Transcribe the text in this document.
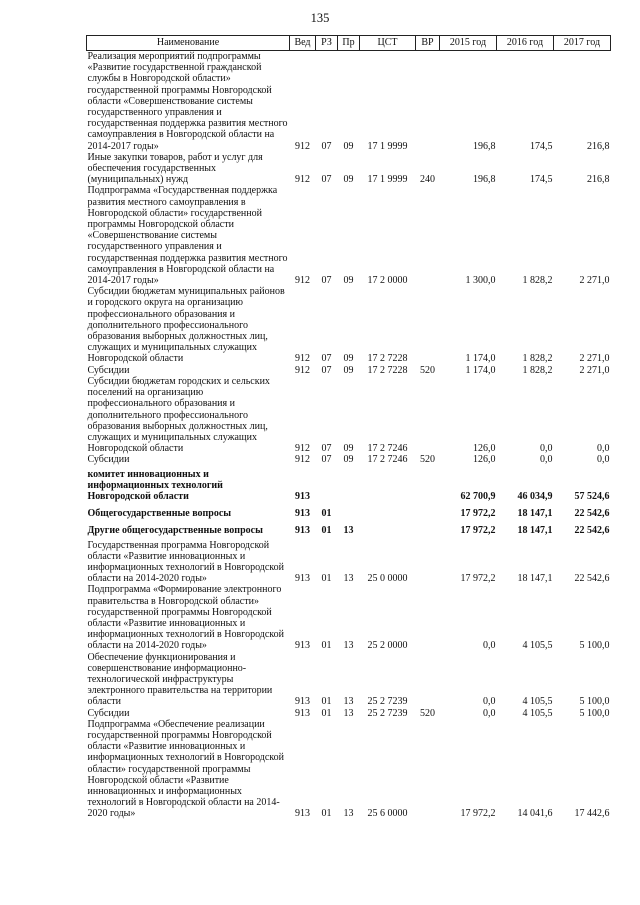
135
Наименование	Вед	РЗ	Пр	ЦСТ	ВР	2015 год	2016 год	2017 год
Реализация мероприятий подпрограммы «Развитие государственной гражданской службы в Новгородской области» государственной программы Новгородской области «Совершенствование системы государственного управления и государственная поддержка развития местного самоуправления в Новгородской области на 2014-2017 годы»	912	07	09	17 1 9999		196,8	174,5	216,8
Иные закупки товаров, работ и услуг для обеспечения государственных (муниципальных) нужд	912	07	09	17 1 9999	240	196,8	174,5	216,8
Подпрограмма «Государственная поддержка развития местного самоуправления в Новгородской области» государственной программы Новгородской области «Совершенствование системы государственного управления и государственная поддержка развития местного самоуправления в Новгородской области на 2014-2017 годы»	912	07	09	17 2 0000		1 300,0	1 828,2	2 271,0
Субсидии бюджетам муниципальных районов и городского округа на организацию профессионального образования и дополнительного профессионального образования выборных должностных лиц, служащих и муниципальных служащих Новгородской области	912	07	09	17 2 7228		1 174,0	1 828,2	2 271,0
Субсидии	912	07	09	17 2 7228	520	1 174,0	1 828,2	2 271,0
Субсидии бюджетам городских и сельских поселений на организацию профессионального образования и дополнительного профессионального образования выборных должностных лиц, служащих и муниципальных служащих Новгородской области	912	07	09	17 2 7246		126,0	0,0	0,0
Субсидии	912	07	09	17 2 7246	520	126,0	0,0	0,0
комитет инновационных и информационных технологий Новгородской области	913					62 700,9	46 034,9	57 524,6
Общегосударственные вопросы	913	01				17 972,2	18 147,1	22 542,6
Другие общегосударственные вопросы	913	01	13			17 972,2	18 147,1	22 542,6
Государственная программа Новгородской области «Развитие инновационных и информационных технологий в Новгородской области на 2014-2020 годы»	913	01	13	25 0 0000		17 972,2	18 147,1	22 542,6
Подпрограмма «Формирование электронного правительства в Новгородской области» государственной программы Новгородской области «Развитие инновационных и информационных технологий в Новгородской области на 2014-2020 годы»	913	01	13	25 2 0000		0,0	4 105,5	5 100,0
Обеспечение функционирования и совершенствование информационно-технологической инфраструктуры электронного правительства на территории области	913	01	13	25 2 7239		0,0	4 105,5	5 100,0
Субсидии	913	01	13	25 2 7239	520	0,0	4 105,5	5 100,0
Подпрограмма «Обеспечение реализации государственной программы Новгородской области «Развитие инновационных и информационных технологий в Новгородской области» государственной программы Новгородской области «Развитие инновационных и информационных технологий в Новгородской области на 2014-2020 годы»	913	01	13	25 6 0000		17 972,2	14 041,6	17 442,6
